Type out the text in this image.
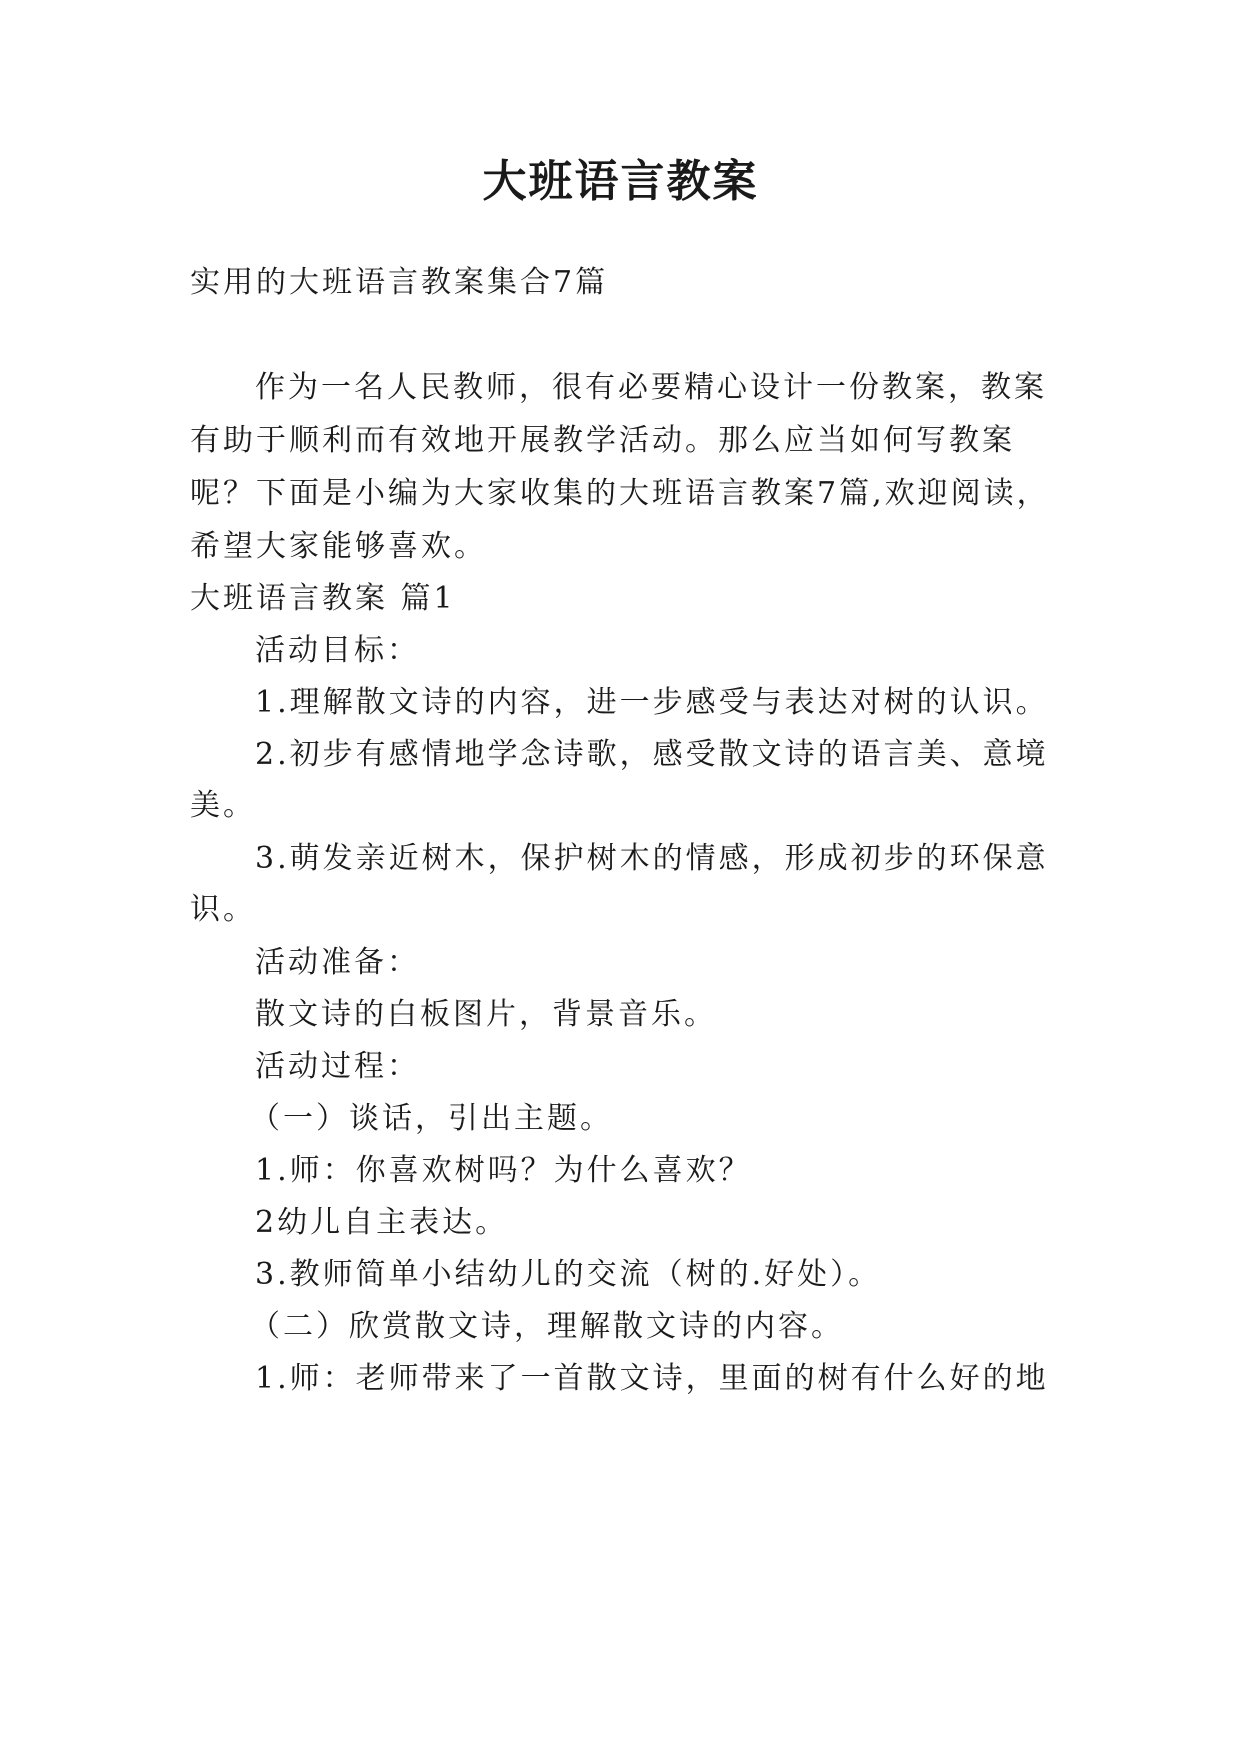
大班语言教案

实用的大班语言教案集合7篇

作为一名人民教师，很有必要精心设计一份教案，教案

有助于顺利而有效地开展教学活动。那么应当如何写教案

呢？下面是小编为大家收集的大班语言教案7篇,欢迎阅读，

希望大家能够喜欢。

大班语言教案 篇1

活动目标：

1.理解散文诗的内容，进一步感受与表达对树的认识。

2.初步有感情地学念诗歌，感受散文诗的语言美、意境

美。

3.萌发亲近树木，保护树木的情感，形成初步的环保意

识。

活动准备：

散文诗的白板图片，背景音乐。

活动过程：

（一）谈话，引出主题。

1.师：你喜欢树吗？为什么喜欢？

2幼儿自主表达。

3.教师简单小结幼儿的交流（树的.好处）。

（二）欣赏散文诗，理解散文诗的内容。

1.师：老师带来了一首散文诗，里面的树有什么好的地
